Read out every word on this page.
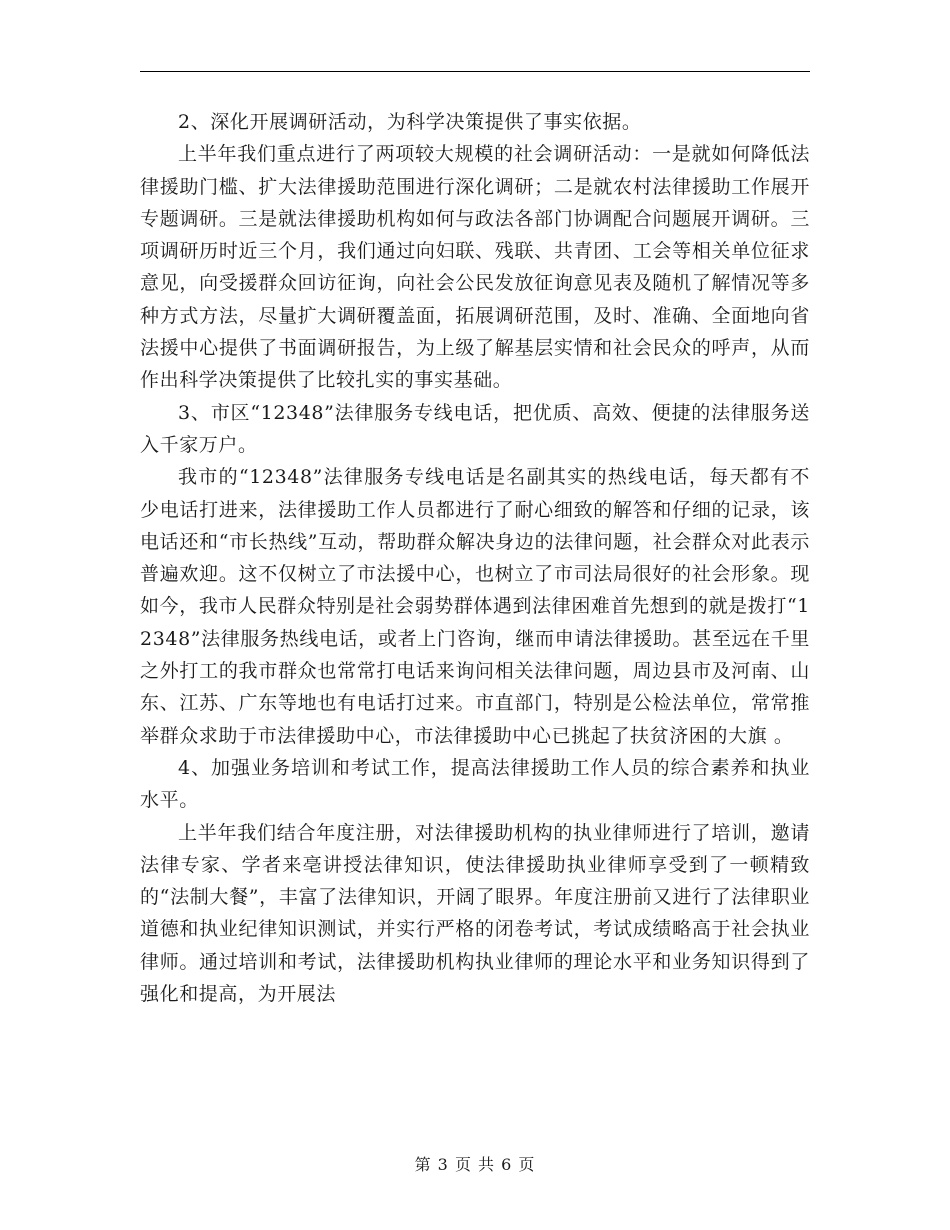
2、深化开展调研活动，为科学决策提供了事实依据。

上半年我们重点进行了两项较大规模的社会调研活动：一是就如何降低法律援助门槛、扩大法律援助范围进行深化调研；二是就农村法律援助工作展开专题调研。三是就法律援助机构如何与政法各部门协调配合问题展开调研。三项调研历时近三个月，我们通过向妇联、残联、共青团、工会等相关单位征求意见，向受援群众回访征询，向社会公民发放征询意见表及随机了解情况等多种方式方法，尽量扩大调研覆盖面，拓展调研范围，及时、准确、全面地向省法援中心提供了书面调研报告，为上级了解基层实情和社会民众的呼声，从而作出科学决策提供了比较扎实的事实基础。

3、市区“12348”法律服务专线电话，把优质、高效、便捷的法律服务送入千家万户。

我市的“12348”法律服务专线电话是名副其实的热线电话，每天都有不少电话打进来，法律援助工作人员都进行了耐心细致的解答和仔细的记录，该电话还和“市长热线”互动，帮助群众解决身边的法律问题，社会群众对此表示普遍欢迎。这不仅树立了市法援中心，也树立了市司法局很好的社会形象。现如今，我市人民群众特别是社会弱势群体遇到法律困难首先想到的就是拨打“12348”法律服务热线电话，或者上门咨询，继而申请法律援助。甚至远在千里之外打工的我市群众也常常打电话来询问相关法律问题，周边县市及河南、山东、江苏、广东等地也有电话打过来。市直部门，特别是公检法单位，常常推举群众求助于市法律援助中心，市法律援助中心已挑起了扶贫济困的大旗 。

4、加强业务培训和考试工作，提高法律援助工作人员的综合素养和执业水平。

上半年我们结合年度注册，对法律援助机构的执业律师进行了培训，邀请法律专家、学者来亳讲授法律知识，使法律援助执业律师享受到了一顿精致的“法制大餐”，丰富了法律知识，开阔了眼界。年度注册前又进行了法律职业道德和执业纪律知识测试，并实行严格的闭卷考试，考试成绩略高于社会执业律师。通过培训和考试，法律援助机构执业律师的理论水平和业务知识得到了强化和提高，为开展法

第 3 页 共 6 页
